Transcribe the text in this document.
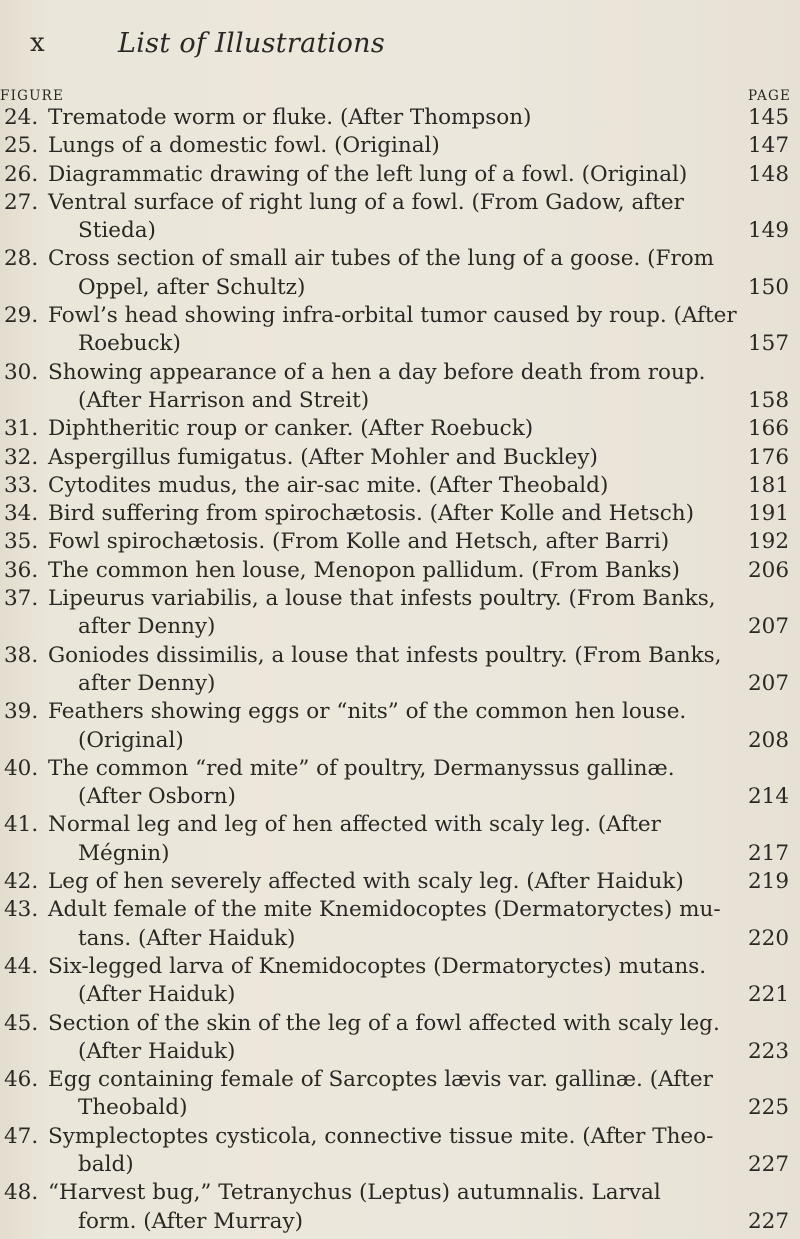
x	List of Illustrations
FIGURE	PAGE
24. Trematode worm or fluke. (After Thompson)	145
25. Lungs of a domestic fowl. (Original)	147
26. Diagrammatic drawing of the left lung of a fowl. (Original)	148
27. Ventral surface of right lung of a fowl. (From Gadow, after
Stieda)	149
28. Cross section of small air tubes of the lung of a goose. (From
Oppel, after Schultz)	150
29. Fowl’s head showing infra-orbital tumor caused by roup. (After
Roebuck)	157
30. Showing appearance of a hen a day before death from roup.
(After Harrison and Streit)	158
31. Diphtheritic roup or canker. (After Roebuck)	166
32. Aspergillus fumigatus. (After Mohler and Buckley)	176
33. Cytodites mudus, the air-sac mite. (After Theobald)	181
34. Bird suffering from spirochætosis. (After Kolle and Hetsch)	191
35. Fowl spirochætosis. (From Kolle and Hetsch, after Barri)	192
36. The common hen louse, Menopon pallidum. (From Banks)	206
37. Lipeurus variabilis, a louse that infests poultry. (From Banks,
after Denny)	207
38. Goniodes dissimilis, a louse that infests poultry. (From Banks,
after Denny)	207
39. Feathers showing eggs or “nits” of the common hen louse.
(Original)	208
40. The common “red mite” of poultry, Dermanyssus gallinæ.
(After Osborn)	214
41. Normal leg and leg of hen affected with scaly leg. (After
Mégnin)	217
42. Leg of hen severely affected with scaly leg. (After Haiduk)	219
43. Adult female of the mite Knemidocoptes (Dermatoryctes) mu-
tans. (After Haiduk)	220
44. Six-legged larva of Knemidocoptes (Dermatoryctes) mutans.
(After Haiduk)	221
45. Section of the skin of the leg of a fowl affected with scaly leg.
(After Haiduk)	223
46. Egg containing female of Sarcoptes lævis var. gallinæ. (After
Theobald)	225
47. Symplectoptes cysticola, connective tissue mite. (After Theo-
bald)	227
48. “Harvest bug,” Tetranychus (Leptus) autumnalis. Larval
form. (After Murray)	227
